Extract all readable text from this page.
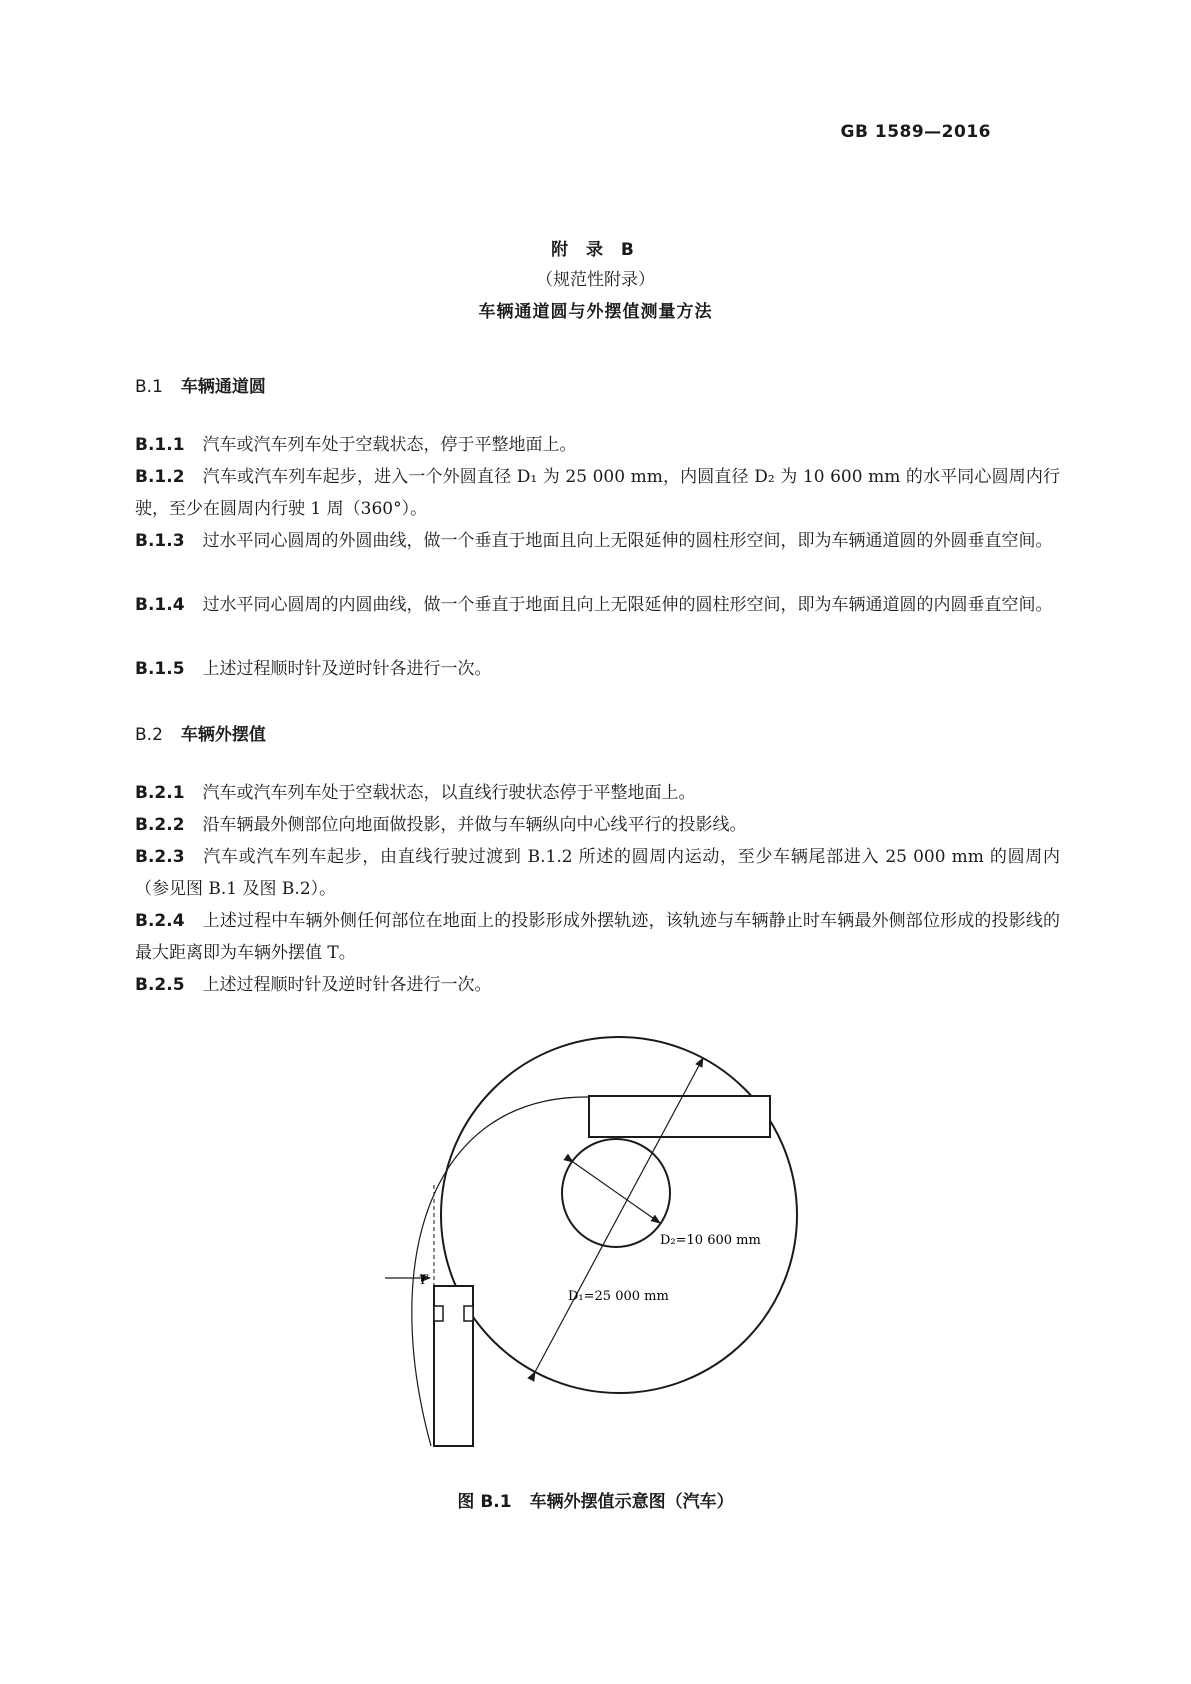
GB 1589—2016
附 录 B
（规范性附录）
车辆通道圆与外摆值测量方法
B.1 车辆通道圆
B.1.1 汽车或汽车列车处于空载状态，停于平整地面上。
B.1.2 汽车或汽车列车起步，进入一个外圆直径 D₁ 为 25 000 mm，内圆直径 D₂ 为 10 600 mm 的水平同心圆周内行驶，至少在圆周内行驶 1 周（360°）。
B.1.3 过水平同心圆周的外圆曲线，做一个垂直于地面且向上无限延伸的圆柱形空间，即为车辆通道圆的外圆垂直空间。
B.1.4 过水平同心圆周的内圆曲线，做一个垂直于地面且向上无限延伸的圆柱形空间，即为车辆通道圆的内圆垂直空间。
B.1.5 上述过程顺时针及逆时针各进行一次。
B.2 车辆外摆值
B.2.1 汽车或汽车列车处于空载状态，以直线行驶状态停于平整地面上。
B.2.2 沿车辆最外侧部位向地面做投影，并做与车辆纵向中心线平行的投影线。
B.2.3 汽车或汽车列车起步，由直线行驶过渡到 B.1.2 所述的圆周内运动，至少车辆尾部进入 25 000 mm 的圆周内（参见图 B.1 及图 B.2）。
B.2.4 上述过程中车辆外侧任何部位在地面上的投影形成外摆轨迹，该轨迹与车辆静止时车辆最外侧部位形成的投影线的最大距离即为车辆外摆值 T。
B.2.5 上述过程顺时针及逆时针各进行一次。
D₂=10 600 mm
D₁=25 000 mm
T
图 B.1 车辆外摆值示意图（汽车）
